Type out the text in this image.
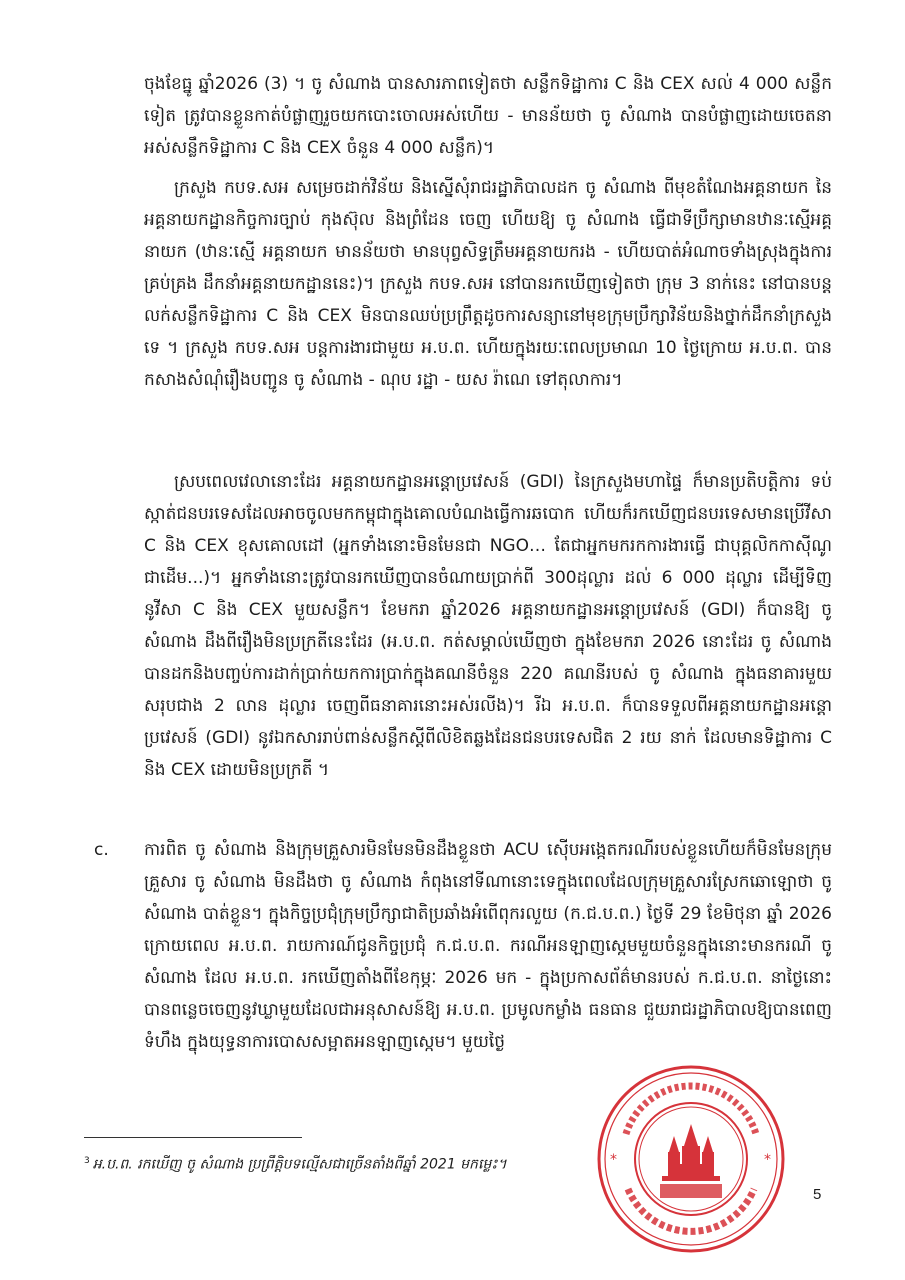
ចុងខែធ្នូ ឆ្នាំ2026 (3) ។ ចូ សំណាង បានសារភាពទៀតថា សន្លឹកទិដ្ឋាការ C និង CEX សល់ 4 000 សន្លឹក ទៀត ត្រូវបានខ្លួនកាត់បំផ្លាញរួចយកបោះចោលអស់ហើយ - មានន័យថា ចូ សំណាង បានបំផ្លាញដោយចេតនា អស់សន្លឹកទិដ្ឋាការ C និង CEX ចំនួន 4 000 សន្លឹក)។

ក្រសួង កបទ.សអ សម្រេចដាក់វិន័យ និងស្នើសុំរាជរដ្ឋាភិបាលដក ចូ សំណាង ពីមុខតំណែងអគ្គនាយក នៃអគ្គនាយកដ្ឋានកិច្ចការច្បាប់ កុងស៊ុល និងព្រំដែន ចេញ ហើយឱ្យ ចូ សំណាង ធ្វើជាទីប្រឹក្សាមានឋានៈស្មើអគ្គនាយក (ឋានៈស្មើ អគ្គនាយក មានន័យថា មានបុព្វសិទ្ធត្រឹមអគ្គនាយករង - ហើយបាត់អំណាចទាំងស្រុងក្នុងការគ្រប់គ្រង ដឹកនាំអគ្គនាយកដ្ឋាននេះ)។ ក្រសួង កបទ.សអ នៅបានរកឃើញទៀតថា ក្រុម 3 នាក់នេះ នៅបានបន្តលក់សន្លឹកទិដ្ឋាការ C និង CEX មិនបានឈប់ប្រព្រឹត្តដូចការសន្យានៅមុខក្រុមប្រឹក្សាវិន័យនិងថ្នាក់ដឹកនាំក្រសួងទេ ។ ក្រសួង កបទ.សអ បន្តការងារជាមួយ អ.ប.ព. ហើយក្នុងរយៈពេលប្រមាណ 10 ថ្ងៃក្រោយ អ.ប.ព. បានកសាងសំណុំរឿងបញ្ជូន ចូ សំណាង - ណុប រដ្ឋា - យស រ៉ាណេ ទៅតុលាការ។

ស្របពេលវេលានោះដែរ អគ្គនាយកដ្ឋានអន្តោប្រវេសន៍ (GDI) នៃក្រសួងមហាផ្ទៃ ក៏មានប្រតិបត្តិការ ទប់ស្កាត់ជនបរទេសដែលអាចចូលមកកម្ពុជាក្នុងគោលបំណងធ្វើការឆបោក ហើយក៏រកឃើញជនបរទេសមានប្រើវីសា C និង CEX ខុសគោលដៅ (អ្នកទាំងនោះមិនមែនជា NGO… តែជាអ្នកមករកការងារធ្វើ ជាបុគ្គលិកកាស៊ីណូជាដើម...)។ អ្នកទាំងនោះត្រូវបានរកឃើញបានចំណាយប្រាក់ពី 300ដុល្លារ ដល់ 6 000 ដុល្លារ ដើម្បីទិញនូវីសា C និង CEX មួយសន្លឹក។ ខែមករា ឆ្នាំ2026 អគ្គនាយកដ្ឋានអន្តោប្រវេសន៍ (GDI) ក៏បានឱ្យ ចូ សំណាង ដឹងពីរឿងមិនប្រក្រតីនេះដែរ (អ.ប.ព. កត់សម្គាល់ឃើញថា ក្នុងខែមករា 2026 នោះដែរ ចូ សំណាង បានដកនិងបញ្ចប់ការដាក់ប្រាក់យកការប្រាក់ក្នុងគណនីចំនួន 220 គណនីរបស់ ចូ សំណាង ក្នុងធនាគារមួយសរុបជាង 2 លាន ដុល្លារ ចេញពីធនាគារនោះអស់រលីង)។ រីឯ អ.ប.ព. ក៏បានទទួលពីអគ្គនាយកដ្ឋានអន្តោប្រវេសន៍ (GDI) នូវឯកសាររាប់ពាន់សន្លឹកស្តីពីលិខិតឆ្លងដែនជនបរទេសជិត 2 រយ នាក់ ដែលមានទិដ្ឋាការ C និង CEX ដោយមិនប្រក្រតី ។

c. ការពិត ចូ សំណាង និងក្រុមគ្រួសារមិនមែនមិនដឹងខ្លួនថា ACU ស៊ើបអង្កេតករណីរបស់ខ្លួនហើយក៏មិនមែនក្រុមគ្រួសារ ចូ សំណាង មិនដឹងថា ចូ សំណាង កំពុងនៅទីណានោះទេក្នុងពេលដែលក្រុមគ្រួសារស្រែកឆោឡោថា ចូ សំណាង បាត់ខ្លួន។ ក្នុងកិច្ចប្រជុំក្រុមប្រឹក្សាជាតិប្រឆាំងអំពើពុករលួយ (ក.ជ.ប.ព.) ថ្ងៃទី 29 ខែមិថុនា ឆ្នាំ 2026 ក្រោយពេល អ.ប.ព. រាយការណ៍ជូនកិច្ចប្រជុំ ក.ជ.ប.ព. ករណីអនឡាញស្កេមមួយចំនួនក្នុងនោះមានករណី ចូ សំណាង ដែល អ.ប.ព. រកឃើញតាំងពីខែកុម្ភៈ 2026 មក - ក្នុងប្រកាសព័ត៌មានរបស់ ក.ជ.ប.ព. នាថ្ងៃនោះបានពន្លេចចេញនូវឃ្លាមួយដែលជាអនុសាសន៍ឱ្យ អ.ប.ព. ប្រមូលកម្លាំង ធនធាន ជួយរាជរដ្ឋាភិបាលឱ្យបានពេញទំហឹង ក្នុងយុទ្ធនាការបោសសម្អាតអនឡាញស្កេម។ មួយថ្ងៃ

$^3$ អ.ប.ព. រកឃើញ ចូ សំណាង ប្រព្រឹត្តិបទល្មើសជាច្រើនតាំងពីឆ្នាំ 2021 មកម្លេះ។

5
*	*
